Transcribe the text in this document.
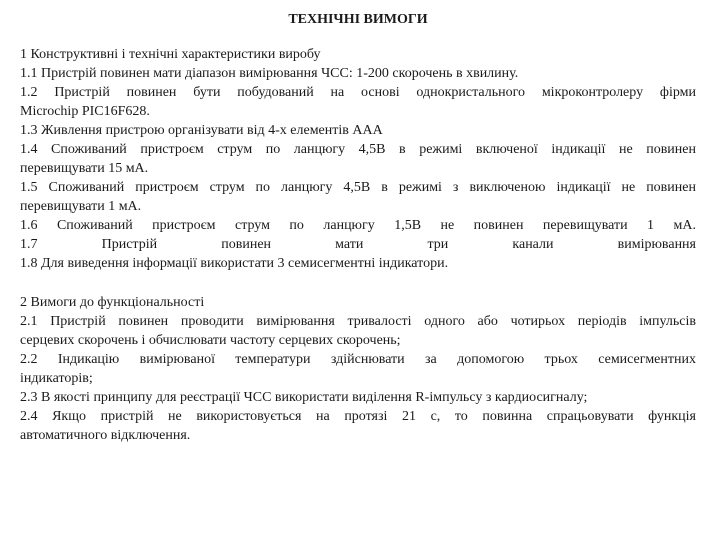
ТЕХНІЧНІ ВИМОГИ

1 Конструктивні і технічні характеристики виробу

1.1 Пристрій повинен мати діапазон вимірювання ЧСС: 1-200 скорочень в хвилину.

1.2 Пристрій повинен бути побудований на основі однокристального мікроконтролеру фірми

Microchip PIC16F628.

1.3 Живлення пристрою організувати від 4-х елементів ААА

1.4 Споживаний пристроєм струм по ланцюгу 4,5В в режимі включеної індикації не повинен

перевищувати 15 мА.

1.5 Споживаний пристроєм струм по ланцюгу 4,5В в режимі з виключеною індикації не повинен

перевищувати 1 мА.

1.6 Споживаний пристроєм струм по ланцюгу 1,5В не повинен перевищувати 1 мА.

1.7 Пристрій повинен мати три канали вимірювання

1.8 Для виведення інформації використати 3 семисегментні індикатори.

2 Вимоги до функціональності

2.1 Пристрій повинен проводити вимірювання тривалості одного або чотирьох періодів імпульсів

серцевих скорочень і обчислювати частоту серцевих скорочень;

2.2 Індикацію вимірюваної температури здійснювати за допомогою трьох семисегментних

індикаторів;

2.3 В якості принципу для реєстрації ЧСС використати виділення R-імпульсу з кардиосигналу;

2.4 Якщо пристрій не використовується на протязі 21 с, то повинна спрацьовувати функція

автоматичного відключення.
